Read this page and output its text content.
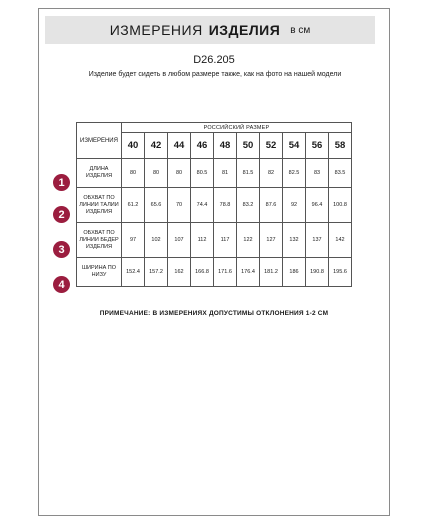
ИЗМЕРЕНИЯ ИЗДЕЛИЯ в см
D26.205
Изделие будет сидеть в любом размере также, как на фото на нашей модели
ИЗМЕРЕНИЯ	РОССИЙСКИЙ РАЗМЕР									
	40	42	44	46	48	50	52	54	56	58
ДЛИНА ИЗДЕЛИЯ	80	80	80	80.5	81	81.5	82	82.5	83	83.5
ОБХВАТ ПО ЛИНИИ ТАЛИИ ИЗДЕЛИЯ	61.2	65.6	70	74.4	78.8	83.2	87.6	92	96.4	100.8
ОБХВАТ ПО ЛИНИИ БЕДЕР ИЗДЕЛИЯ	97	102	107	112	117	122	127	132	137	142
ШИРИНА ПО НИЗУ	152.4	157.2	162	166.8	171.6	176.4	181.2	186	190.8	195.6
1
2
3
4
ПРИМЕЧАНИЕ: В ИЗМЕРЕНИЯХ ДОПУСТИМЫ ОТКЛОНЕНИЯ 1-2 СМ
